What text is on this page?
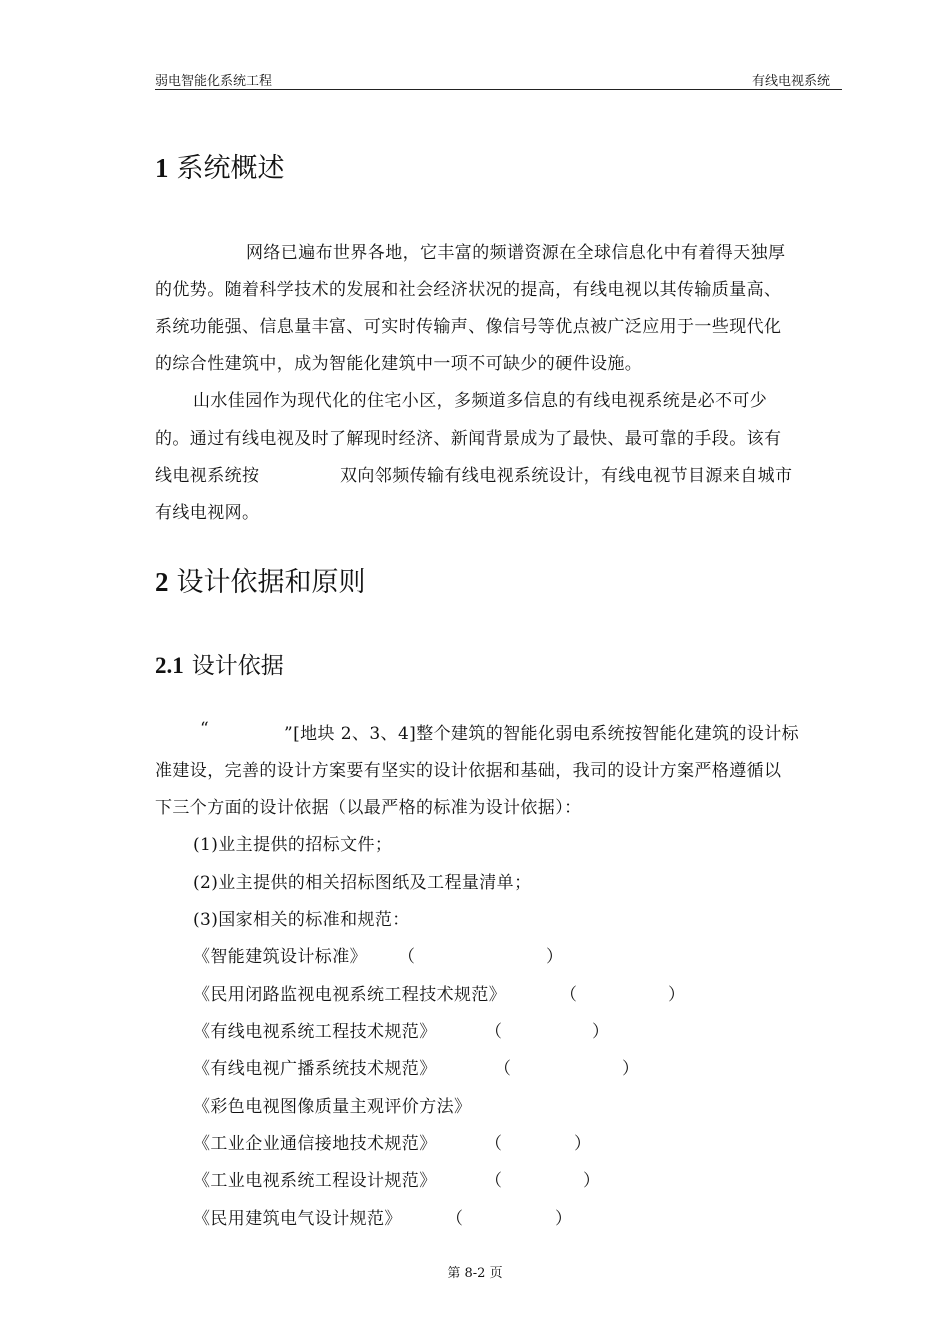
弱电智能化系统工程	有线电视系统
1 系统概述
网络已遍布世界各地，它丰富的频谱资源在全球信息化中有着得天独厚
的优势。随着科学技术的发展和社会经济状况的提高，有线电视以其传输质量高、
系统功能强、信息量丰富、可实时传输声、像信号等优点被广泛应用于一些现代化
的综合性建筑中，成为智能化建筑中一项不可缺少的硬件设施。
山水佳园作为现代化的住宅小区，多频道多信息的有线电视系统是必不可少
的。通过有线电视及时了解现时经济、新闻背景成为了最快、最可靠的手段。该有
线电视系统按	双向邻频传输有线电视系统设计，有线电视节目源来自城市
有线电视网。
2 设计依据和原则
2.1 设计依据
“	”[地块 2、3、4]整个建筑的智能化弱电系统按智能化建筑的设计标
准建设，完善的设计方案要有坚实的设计依据和基础，我司的设计方案严格遵循以
下三个方面的设计依据（以最严格的标准为设计依据）：
(1)业主提供的招标文件；
(2)业主提供的相关招标图纸及工程量清单；
(3)国家相关的标准和规范：
《智能建筑设计标准》 （	）
《民用闭路监视电视系统工程技术规范》	（	）
《有线电视系统工程技术规范》	（	）
《有线电视广播系统技术规范》	（	）
《彩色电视图像质量主观评价方法》
《工业企业通信接地技术规范》	（	）
《工业电视系统工程设计规范》	（	）
《民用建筑电气设计规范》	（	）
第 8-2 页
